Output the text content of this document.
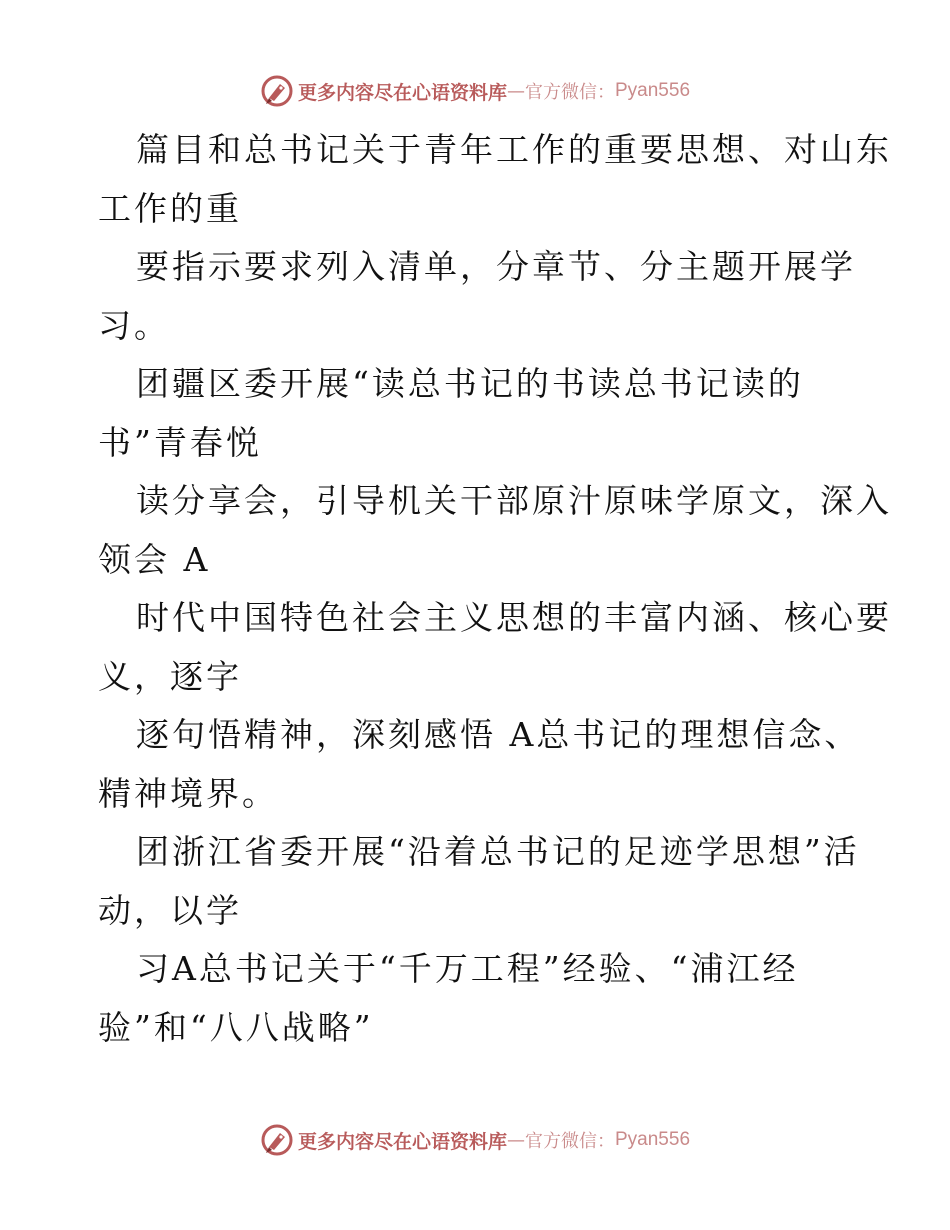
更多内容尽在心语资料库 — 官方微信： Pyan556
篇目和总书记关于青年工作的重要思想、对山东
工作的重
要指示要求列入清单，分章节、分主题开展学
习。
团疆区委开展“读总书记的书读总书记读的
书”青春悦
读分享会，引导机关干部原汁原味学原文，深入
领会 A
时代中国特色社会主义思想的丰富内涵、核心要
义，逐字
逐句悟精神，深刻感悟 A总书记的理想信念、
精神境界。
团浙江省委开展“沿着总书记的足迹学思想”活
动，以学
习A总书记关于“千万工程”经验、“浦江经
验”和“八八战略”
更多内容尽在心语资料库 — 官方微信： Pyan556
